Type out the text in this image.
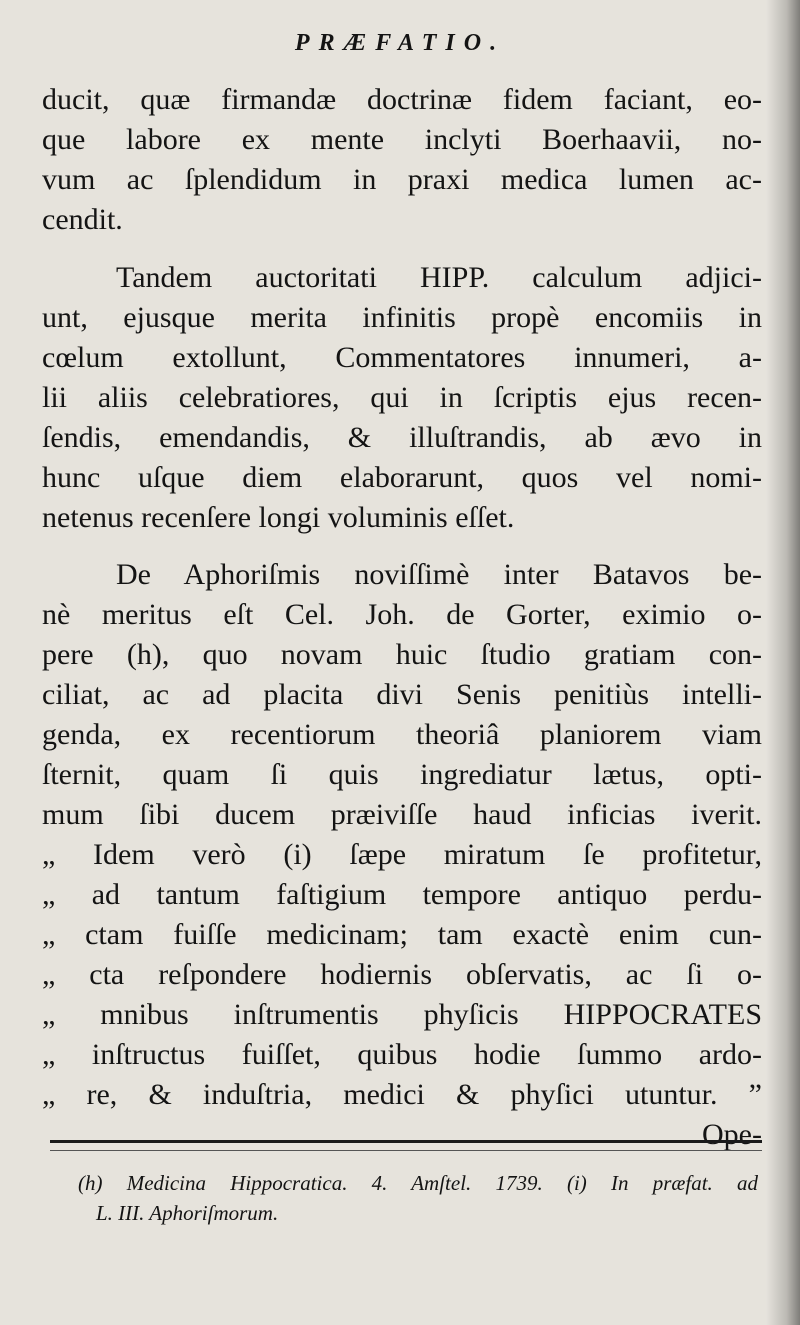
PRÆFATIO.
ducit, quæ firmandæ doctrinæ fidem faciant, eo-
que labore ex mente inclyti Boerhaavii, no-
vum ac ſplendidum in praxi medica lumen ac-
cendit.
Tandem auctoritati HIPP. calculum adjici-
unt, ejusque merita infinitis propè encomiis in
cœlum extollunt, Commentatores innumeri, a-
lii aliis celebratiores, qui in ſcriptis ejus recen-
ſendis, emendandis, & illuſtrandis, ab ævo in
hunc uſque diem elaborarunt, quos vel nomi-
netenus recenſere longi voluminis eſſet.
De Aphoriſmis noviſſimè inter Batavos be-
nè meritus eſt Cel. Joh. de Gorter, eximio o-
pere (h), quo novam huic ſtudio gratiam con-
ciliat, ac ad placita divi Senis penitiùs intelli-
genda, ex recentiorum theoriâ planiorem viam
ſternit, quam ſi quis ingrediatur lætus, opti-
mum ſibi ducem præiviſſe haud inficias iverit.
„ Idem verò (i) ſæpe miratum ſe profitetur,
„ ad tantum faſtigium tempore antiquo perdu-
„ ctam fuiſſe medicinam; tam exactè enim cun-
„ cta reſpondere hodiernis obſervatis, ac ſi o-
„ mnibus inſtrumentis phyſicis HIPPOCRATES
„ inſtructus fuiſſet, quibus hodie ſummo ardo-
„ re, & induſtria, medici & phyſici utuntur. ”
Ope-
(h) Medicina Hippocratica. 4. Amſtel. 1739. (i) In præfat. ad
L. III. Aphoriſmorum.
